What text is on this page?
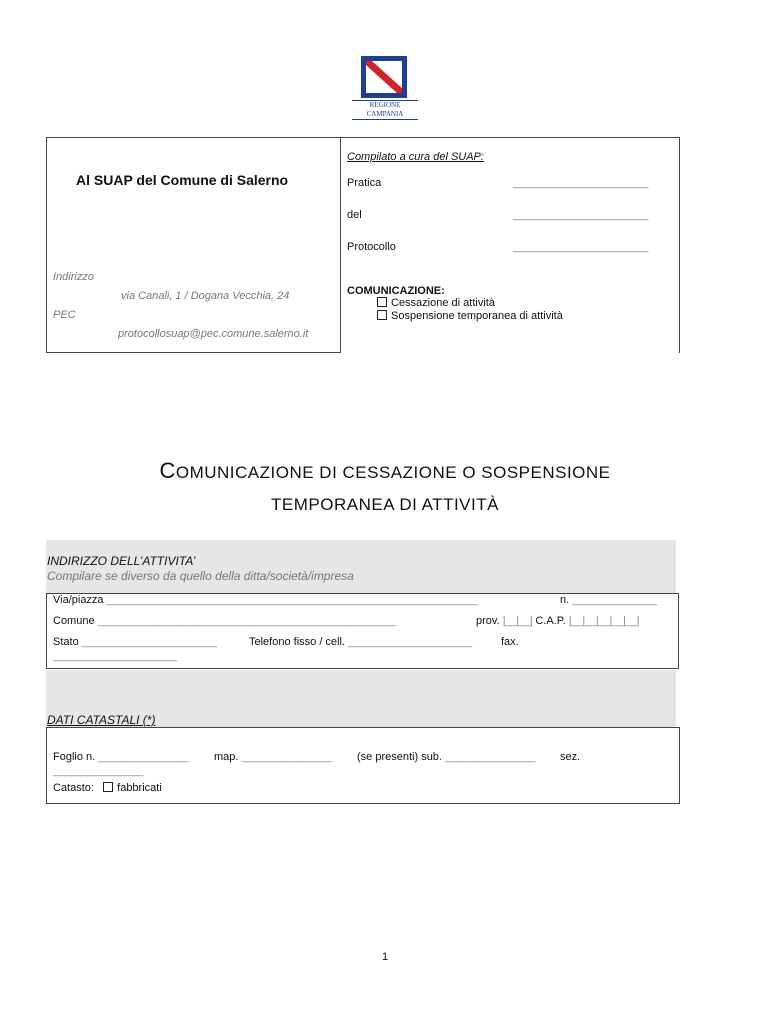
REGIONE CAMPANIA
Al SUAP del Comune di Salerno
Indirizzo
via Canali, 1 / Dogana Vecchia, 24
PEC
protocollosuap@pec.comune.salerno.it
Compilato a cura del SUAP:
Pratica	________________________
del	________________________
Protocollo	________________________
COMUNICAZIONE:
Cessazione di attività
Sospensione temporanea di attività
COMUNICAZIONE DI CESSAZIONE O SOSPENSIONE
TEMPORANEA DI ATTIVITÀ
INDIRIZZO DELL’ATTIVITA’
Compilare se diverso da quello della ditta/società/impresa
Via/piazza __________________________________________________________________	n. _______________
Comune _____________________________________________________	prov. |__|__| C.A.P. |__|__|__|__|__|
Stato ________________________	Telefono fisso / cell. ______________________	fax.
______________________
DATI CATASTALI (*)
Foglio n. ________________ map. ________________ (se presenti) sub. ________________ sez.
________________
Catasto: fabbricati
1
